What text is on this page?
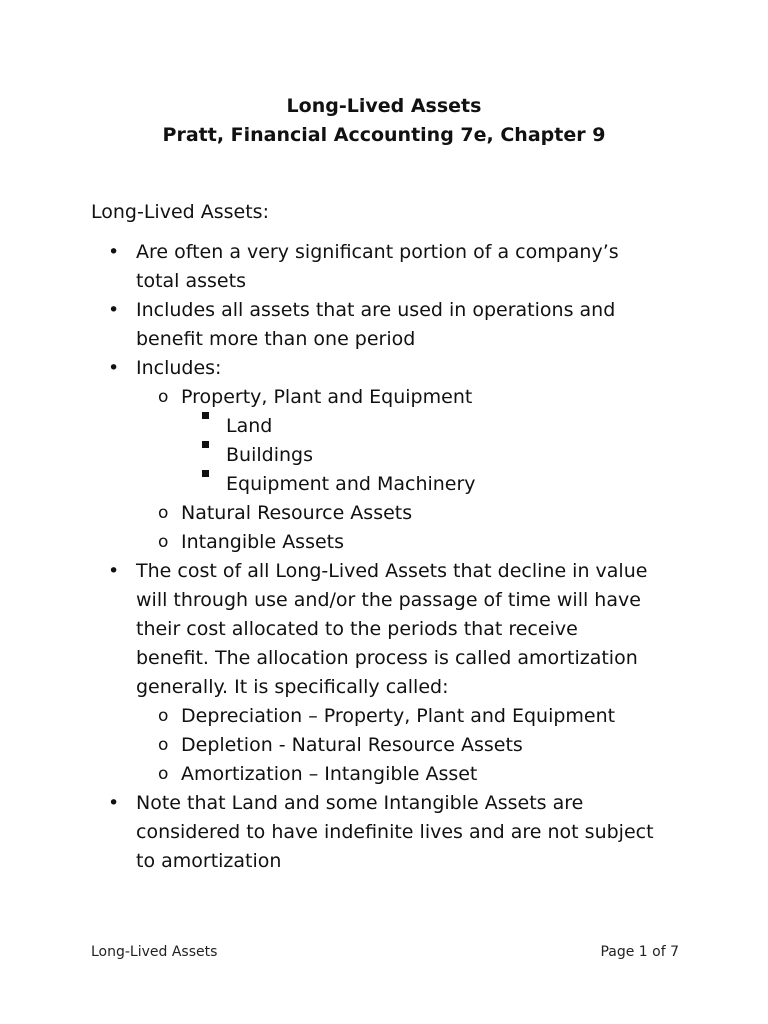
Long-Lived Assets
Pratt, Financial Accounting 7e, Chapter 9
Long-Lived Assets:
• Are often a very significant portion of a company’s total assets
• Includes all assets that are used in operations and benefit more than one period
• Includes:
o Property, Plant and Equipment
Land
Buildings
Equipment and Machinery
o Natural Resource Assets
o Intangible Assets
• The cost of all Long-Lived Assets that decline in value will through use and/or the passage of time will have their cost allocated to the periods that receive benefit. The allocation process is called amortization generally. It is specifically called:
o Depreciation – Property, Plant and Equipment
o Depletion - Natural Resource Assets
o Amortization – Intangible Asset
• Note that Land and some Intangible Assets are considered to have indefinite lives and are not subject to amortization
Long-Lived Assets	Page 1 of 7
